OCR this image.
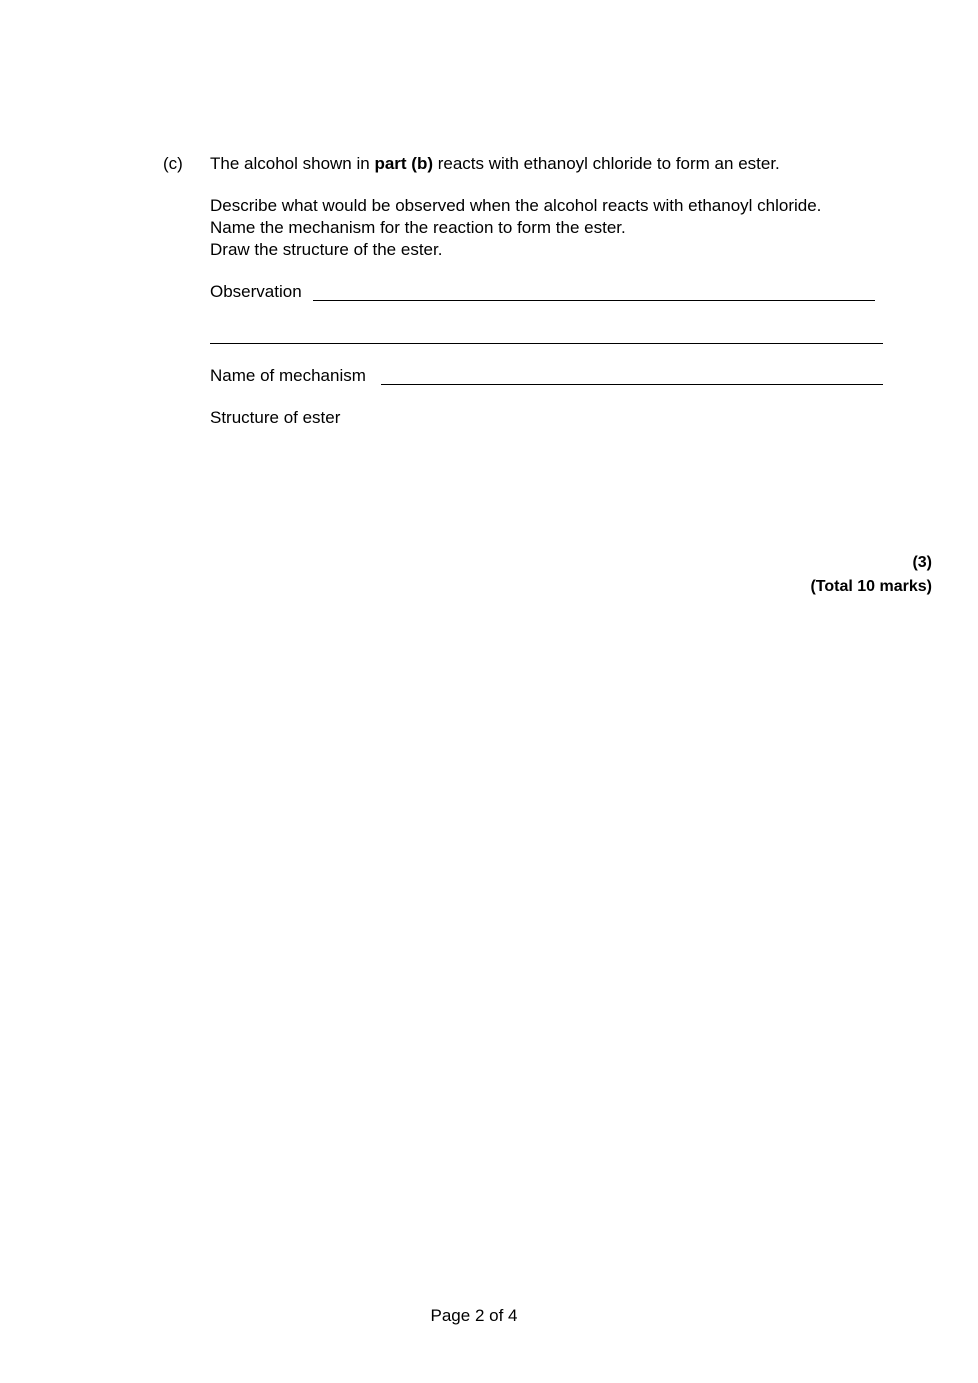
(c) The alcohol shown in part (b) reacts with ethanoyl chloride to form an ester.
Describe what would be observed when the alcohol reacts with ethanoyl chloride.
Name the mechanism for the reaction to form the ester.
Draw the structure of the ester.
Observation
Name of mechanism
Structure of ester
(3)
(Total 10 marks)
Page 2 of 4
